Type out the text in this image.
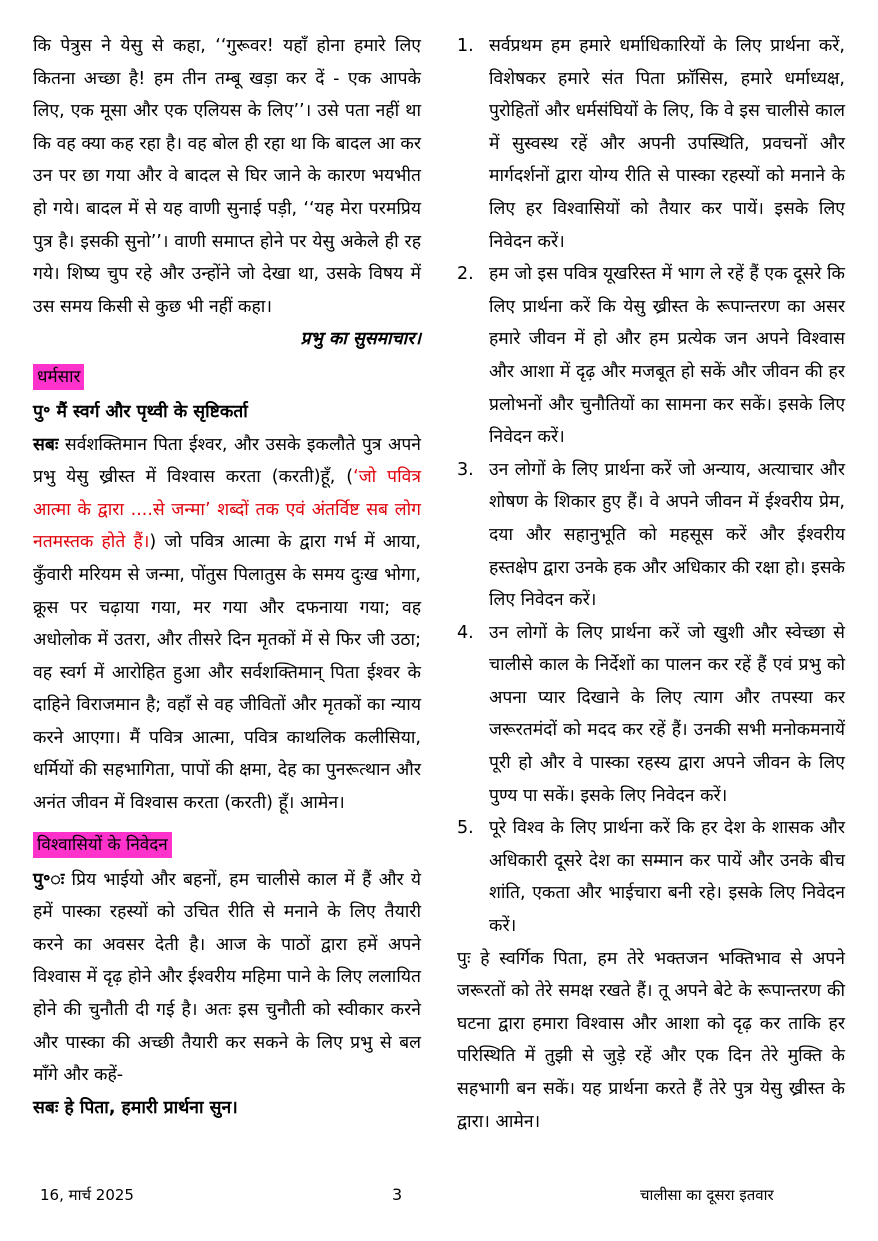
कि पेत्रुस ने येसु से कहा, ‘‘गुरूवर! यहाँ होना हमारे लिए कितना अच्छा है! हम तीन तम्बू खड़ा कर दें - एक आपके लिए, एक मूसा और एक एलियस के लिए’’। उसे पता नहीं था कि वह क्या कह रहा है। वह बोल ही रहा था कि बादल आ कर उन पर छा गया और वे बादल से घिर जाने के कारण भयभीत हो गये। बादल में से यह वाणी सुनाई पड़ी, ‘‘यह मेरा परमप्रिय पुत्र है। इसकी सुनो’’। वाणी समाप्त होने पर येसु अकेले ही रह गये। शिष्य चुप रहे और उन्होंने जो देखा था, उसके विषय में उस समय किसी से कुछ भी नहीं कहा।

प्रभु का सुसमाचार।

धर्मसार

पु॰ मैं स्वर्ग और पृथ्वी के सृष्टिकर्ता

सबः सर्वशक्तिमान पिता ईश्वर, और उसके इकलौते पुत्र अपने प्रभु येसु ख्रीस्त में विश्वास करता (करती)हूँ, (‘जो पवित्र आत्मा के द्वारा ....से जन्मा’ शब्दों तक एवं अंतर्विष्ट सब लोग नतमस्तक होते हैं।) जो पवित्र आत्मा के द्वारा गर्भ में आया, कुँवारी मरियम से जन्मा, पोंतुस पिलातुस के समय दुःख भोगा, क्रूस पर चढ़ाया गया, मर गया और दफनाया गया; वह अधोलोक में उतरा, और तीसरे दिन मृतकों में से फिर जी उठा; वह स्वर्ग में आरोहित हुआ और सर्वशक्तिमान् पिता ईश्वर के दाहिने विराजमान है; वहाँ से वह जीवितों और मृतकों का न्याय करने आएगा। मैं पवित्र आत्मा, पवित्र काथलिक कलीसिया, धर्मियों की सहभागिता, पापों की क्षमा, देह का पुनरूत्थान और अनंत जीवन में विश्वास करता (करती) हूँ। आमेन।

विश्वासियों के निवेदन

पु॰ः प्रिय भाईयो और बहनों, हम चालीसे काल में हैं और ये हमें पास्का रहस्यों को उचित रीति से मनाने के लिए तैयारी करने का अवसर देती है। आज के पाठों द्वारा हमें अपने विश्वास में दृढ़ होने और ईश्वरीय महिमा पाने के लिए ललायित होने की चुनौती दी गई है। अतः इस चुनौती को स्वीकार करने और पास्का की अच्छी तैयारी कर सकने के लिए प्रभु से बल माँगे और कहें-

सबः हे पिता, हमारी प्रार्थना सुन।

1. सर्वप्रथम हम हमारे धर्माधिकारियों के लिए प्रार्थना करें, विशेषकर हमारे संत पिता फ्राॅसिस, हमारे धर्माध्यक्ष, पुरोहितों और धर्मसंघियों के लिए, कि वे इस चालीसे काल में सुस्वस्थ रहें और अपनी उपस्थिति, प्रवचनों और मार्गदर्शनों द्वारा योग्य रीति से पास्का रहस्यों को मनाने के लिए हर विश्वासियों को तैयार कर पायें। इसके लिए निवेदन करें।
2. हम जो इस पवित्र यूखरिस्त में भाग ले रहें हैं एक दूसरे कि लिए प्रार्थना करें कि येसु ख्रीस्त के रूपान्तरण का असर हमारे जीवन में हो और हम प्रत्येक जन अपने विश्वास और आशा में दृढ़ और मजबूत हो सकें और जीवन की हर प्रलोभनों और चुनौतियों का सामना कर सकें। इसके लिए निवेदन करें।
3. उन लोगों के लिए प्रार्थना करें जो अन्याय, अत्याचार और शोषण के शिकार हुए हैं। वे अपने जीवन में ईश्वरीय प्रेम, दया और सहानुभूति को महसूस करें और ईश्वरीय हस्तक्षेप द्वारा उनके हक और अधिकार की रक्षा हो। इसके लिए निवेदन करें।
4. उन लोगों के लिए प्रार्थना करें जो खुशी और स्वेच्छा से चालीसे काल के निर्देशों का पालन कर रहें हैं एवं प्रभु को अपना प्यार दिखाने के लिए त्याग और तपस्या कर जरूरतमंदों को मदद कर रहें हैं। उनकी सभी मनोकमनायें पूरी हो और वे पास्का रहस्य द्वारा अपने जीवन के लिए पुण्य पा सकें। इसके लिए निवेदन करें।
5. पूरे विश्व के लिए प्रार्थना करें कि हर देश के शासक और अधिकारी दूसरे देश का सम्मान कर पायें और उनके बीच शांति, एकता और भाईचारा बनी रहे। इसके लिए निवेदन करें।

पुः हे स्वर्गिक पिता, हम तेरे भक्तजन भक्तिभाव से अपने जरूरतों को तेरे समक्ष रखते हैं। तू अपने बेटे के रूपान्तरण की घटना द्वारा हमारा विश्वास और आशा को दृढ़ कर ताकि हर परिस्थिति में तुझी से जुड़े रहें और एक दिन तेरे मुक्ति के सहभागी बन सकें। यह प्रार्थना करते हैं तेरे पुत्र येसु ख्रीस्त के द्वारा। आमेन।

16, मार्च 2025	3	चालीसा का दूसरा इतवार
